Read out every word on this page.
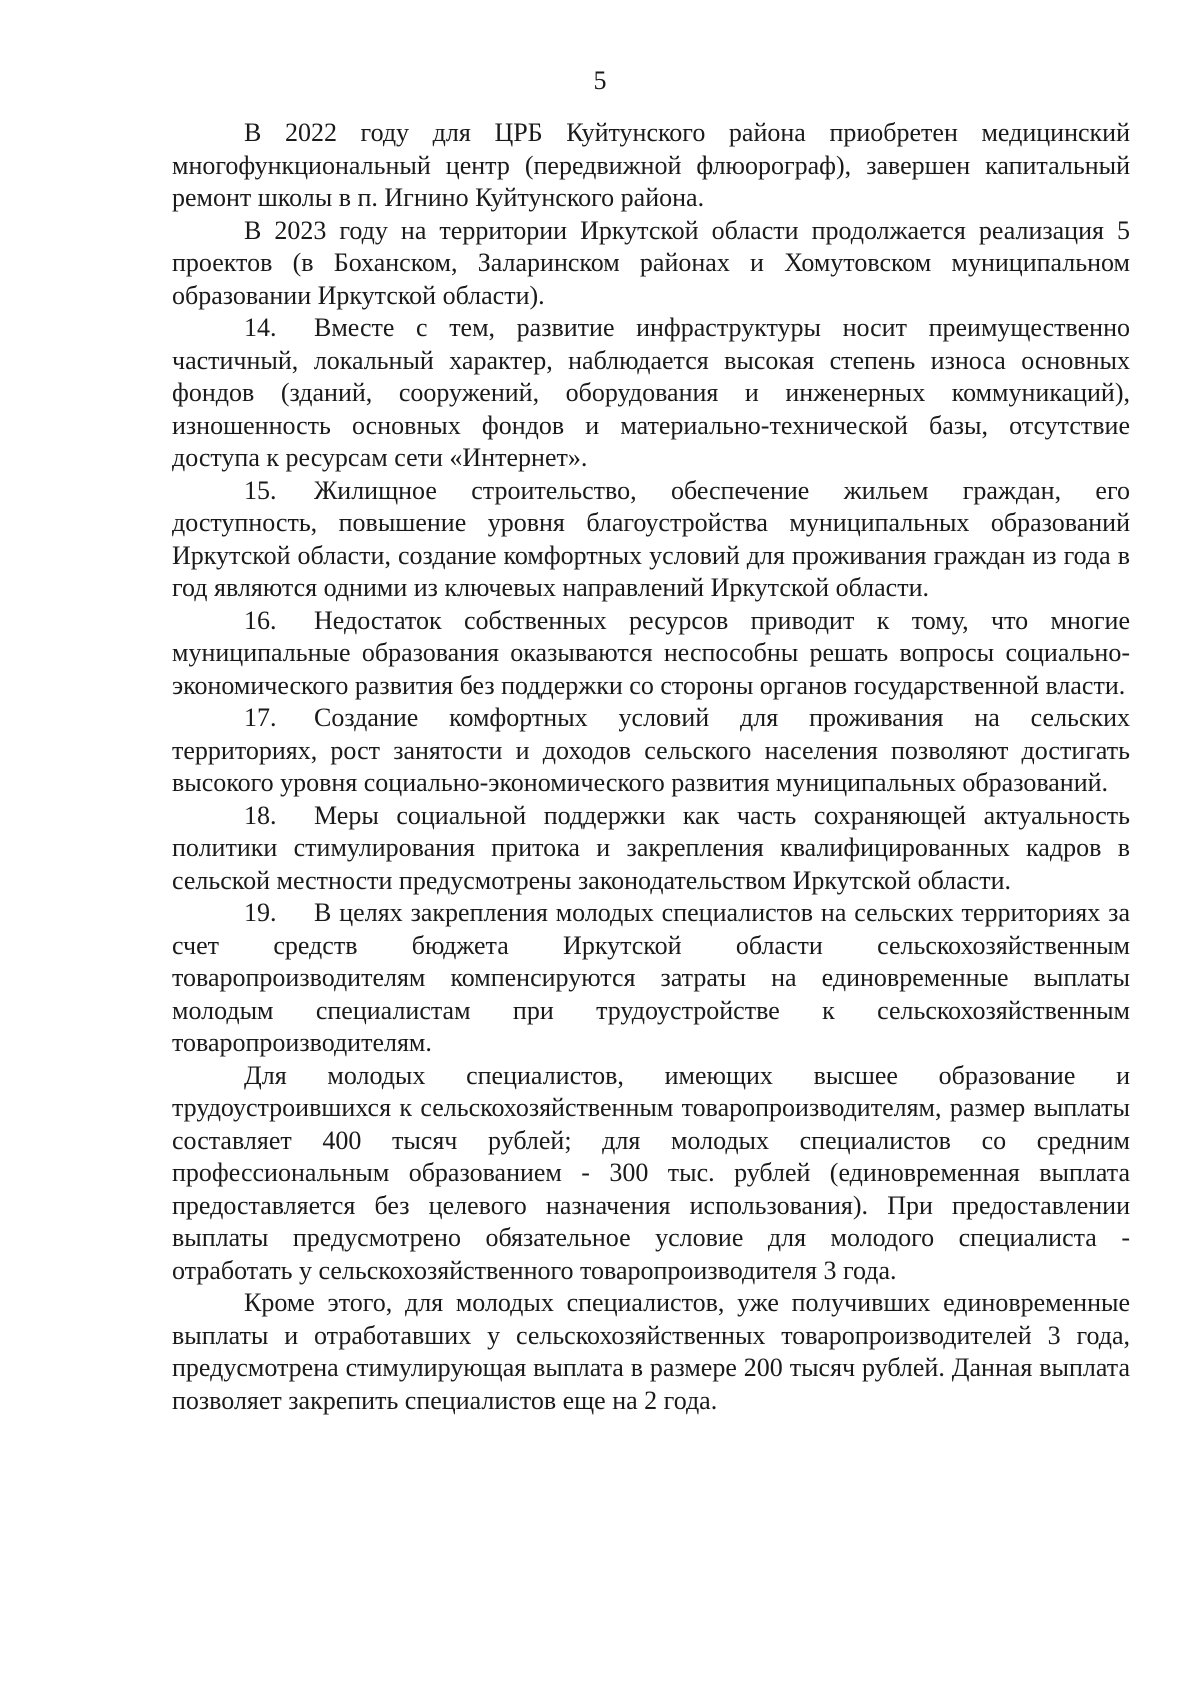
5

В 2022 году для ЦРБ Куйтунского района приобретен медицинский многофункциональный центр (передвижной флюорограф), завершен капитальный ремонт школы в п. Игнино Куйтунского района.

В 2023 году на территории Иркутской области продолжается реализация 5 проектов (в Боханском, Заларинском районах и Хомутовском муниципальном образовании Иркутской области).

14. Вместе с тем, развитие инфраструктуры носит преимущественно частичный, локальный характер, наблюдается высокая степень износа основных фондов (зданий, сооружений, оборудования и инженерных коммуникаций), изношенность основных фондов и материально-технической базы, отсутствие доступа к ресурсам сети «Интернет».

15. Жилищное строительство, обеспечение жильем граждан, его доступность, повышение уровня благоустройства муниципальных образований Иркутской области, создание комфортных условий для проживания граждан из года в год являются одними из ключевых направлений Иркутской области.

16. Недостаток собственных ресурсов приводит к тому, что многие муниципальные образования оказываются неспособны решать вопросы социально-экономического развития без поддержки со стороны органов государственной власти.

17. Создание комфортных условий для проживания на сельских территориях, рост занятости и доходов сельского населения позволяют достигать высокого уровня социально-экономического развития муниципальных образований.

18. Меры социальной поддержки как часть сохраняющей актуальность политики стимулирования притока и закрепления квалифицированных кадров в сельской местности предусмотрены законодательством Иркутской области.

19. В целях закрепления молодых специалистов на сельских территориях за счет средств бюджета Иркутской области сельскохозяйственным товаропроизводителям компенсируются затраты на единовременные выплаты молодым специалистам при трудоустройстве к сельскохозяйственным товаропроизводителям.

Для молодых специалистов, имеющих высшее образование и трудоустроившихся к сельскохозяйственным товаропроизводителям, размер выплаты составляет 400 тысяч рублей; для молодых специалистов со средним профессиональным образованием - 300 тыс. рублей (единовременная выплата предоставляется без целевого назначения использования). При предоставлении выплаты предусмотрено обязательное условие для молодого специалиста - отработать у сельскохозяйственного товаропроизводителя 3 года.

Кроме этого, для молодых специалистов, уже получивших единовременные выплаты и отработавших у сельскохозяйственных товаропроизводителей 3 года, предусмотрена стимулирующая выплата в размере 200 тысяч рублей. Данная выплата позволяет закрепить специалистов еще на 2 года.
